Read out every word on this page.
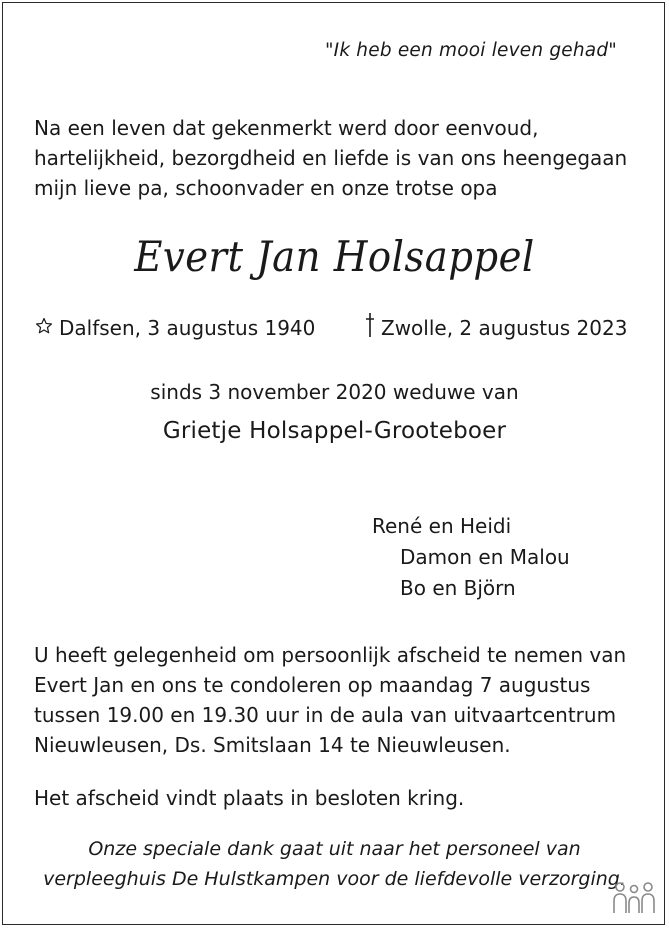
"Ik heb een mooi leven gehad"
Na een leven dat gekenmerkt werd door eenvoud,
hartelijkheid, bezorgdheid en liefde is van ons heengegaan
mijn lieve pa, schoonvader en onze trotse opa
Evert Jan Holsappel
Dalfsen, 3 augustus 1940	Zwolle, 2 augustus 2023
sinds 3 november 2020 weduwe van
Grietje Holsappel-Grooteboer
René en Heidi
Damon en Malou
Bo en Björn
U heeft gelegenheid om persoonlijk afscheid te nemen van
Evert Jan en ons te condoleren op maandag 7 augustus
tussen 19.00 en 19.30 uur in de aula van uitvaartcentrum
Nieuwleusen, Ds. Smitslaan 14 te Nieuwleusen.
Het afscheid vindt plaats in besloten kring.
Onze speciale dank gaat uit naar het personeel van
verpleeghuis De Hulstkampen voor de liefdevolle verzorging.
